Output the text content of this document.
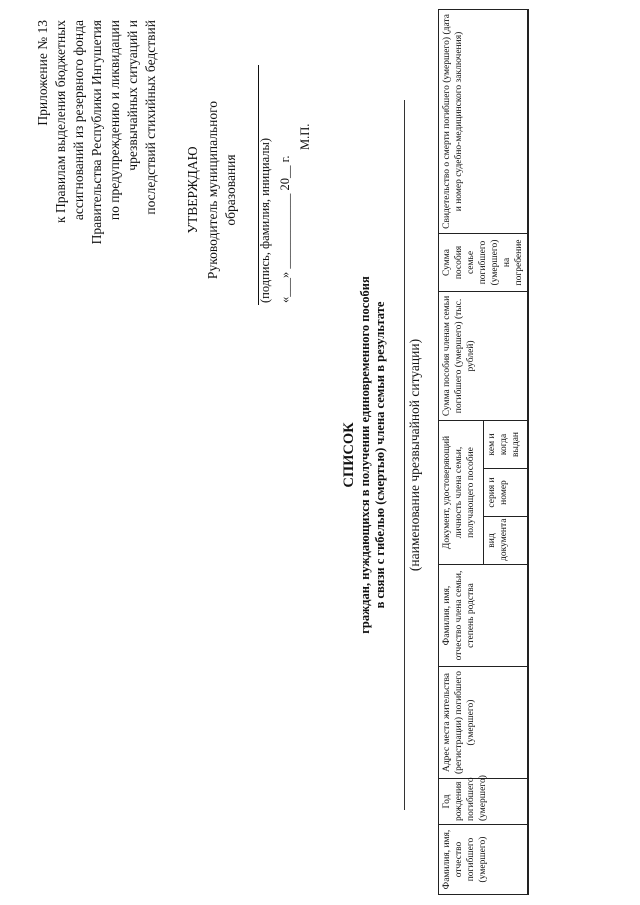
Приложение № 13 к Правилам выделения бюджетных ассигнований из резервного фонда Правительства Республики Ингушетия по предупреждению и ликвидации чрезвычайных ситуаций и последствий стихийных бедствий УТВЕРЖДАЮ Руководитель муниципального образования (подпись, фамилия, инициалы) «___» ____________ 20__ г.
М.П.
СПИСОК граждан, нуждающихся в получении единовременного пособия в связи с гибелью (смертью) члена семьи в результате (наименование чрезвычайной ситуации)
Фамилия, имя, отчество погибшего (умершего)	Год рождения погибшего (умершего)	Адрес места жительства (регистрации) погибшего (умершего)	Фамилия, имя, отчество члена семьи, степень родства	Документ, удостоверяющий личность члена семьи, получающего пособие			Сумма пособия членам семьи погибшего (умершего) (тыс. рублей)	Сумма пособия семье погибшего (умершего) на погребение	Свидетельство о смерти погибшего (умершего) (дата и номер судебно-медицинского заключения)
				вид документа	серия и номер	кем и когда выдан			
